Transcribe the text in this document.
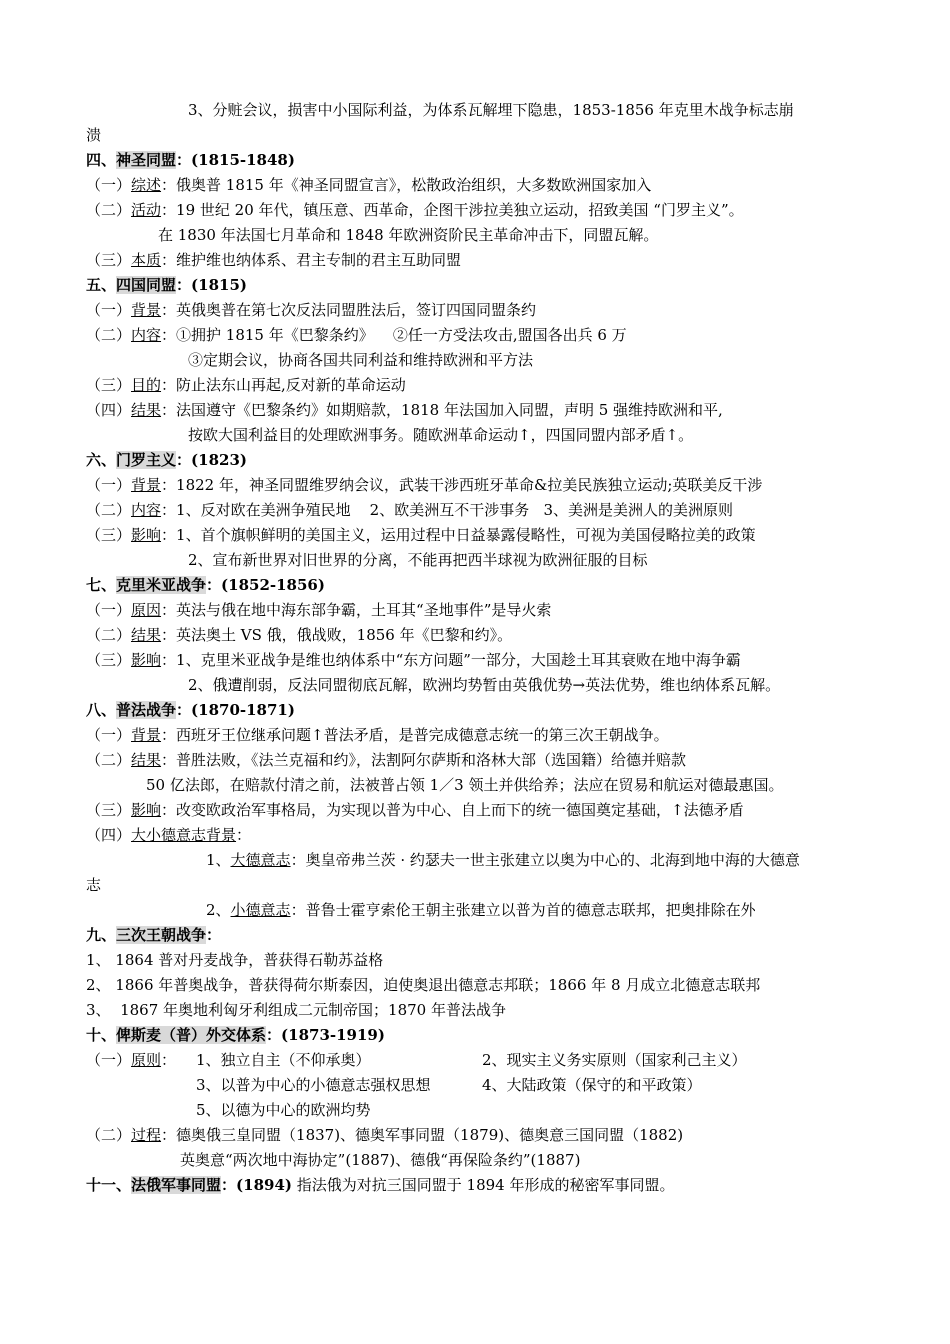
3、分赃会议，损害中小国际利益，为体系瓦解埋下隐患，1853-1856 年克里木战争标志崩
溃
四、神圣同盟：(1815-1848)
（一）综述：俄奥普 1815 年《神圣同盟宣言》，松散政治组织，大多数欧洲国家加入
（二）活动：19 世纪 20 年代，镇压意、西革命，企图干涉拉美独立运动，招致美国 “门罗主义”。
在 1830 年法国七月革命和 1848 年欧洲资阶民主革命冲击下，同盟瓦解。
（三）本质：维护维也纳体系、君主专制的君主互助同盟
五、四国同盟：(1815)
（一）背景：英俄奥普在第七次反法同盟胜法后，签订四国同盟条约
（二）内容：①拥护 1815 年《巴黎条约》    ②任一方受法攻击,盟国各出兵 6 万
③定期会议，协商各国共同利益和维持欧洲和平方法
（三）目的：防止法东山再起,反对新的革命运动
（四）结果：法国遵守《巴黎条约》如期赔款，1818 年法国加入同盟，声明 5 强维持欧洲和平,
按欧大国利益目的处理欧洲事务。随欧洲革命运动↑，四国同盟内部矛盾↑。
六、门罗主义：(1823)
（一）背景：1822 年，神圣同盟维罗纳会议，武装干涉西班牙革命&拉美民族独立运动;英联美反干涉
（二）内容：1、反对欧在美洲争殖民地    2、欧美洲互不干涉事务   3、美洲是美洲人的美洲原则
（三）影响：1、首个旗帜鲜明的美国主义，运用过程中日益暴露侵略性，可视为美国侵略拉美的政策
2、宣布新世界对旧世界的分离，不能再把西半球视为欧洲征服的目标
七、克里米亚战争：(1852-1856)
（一）原因：英法与俄在地中海东部争霸，土耳其“圣地事件”是导火索
（二）结果：英法奥土 VS 俄，俄战败，1856 年《巴黎和约》。
（三）影响：1、克里米亚战争是维也纳体系中“东方问题”一部分，大国趁土耳其衰败在地中海争霸
2、俄遭削弱，反法同盟彻底瓦解，欧洲均势暂由英俄优势→英法优势，维也纳体系瓦解。
八、普法战争：(1870-1871)
（一）背景：西班牙王位继承问题↑普法矛盾，是普完成德意志统一的第三次王朝战争。
（二）结果：普胜法败，《法兰克福和约》，法割阿尔萨斯和洛林大部（选国籍）给德并赔款
50 亿法郎，在赔款付清之前，法被普占领 1／3 领土并供给养；法应在贸易和航运对德最惠国。
（三）影响：改变欧政治军事格局，为实现以普为中心、自上而下的统一德国奠定基础，↑法德矛盾
（四）大小德意志背景：
1、大德意志：奥皇帝弗兰茨 · 约瑟夫一世主张建立以奥为中心的、北海到地中海的大德意
志
2、小德意志：普鲁士霍亨索伦王朝主张建立以普为首的德意志联邦，把奥排除在外
九、三次王朝战争：
1、 1864 普对丹麦战争，普获得石勒苏益格
2、 1866 年普奥战争，普获得荷尔斯泰因，迫使奥退出德意志邦联；1866 年 8 月成立北德意志联邦
3、  1867 年奥地利匈牙利组成二元制帝国；1870 年普法战争
十、俾斯麦（普）外交体系：(1873-1919)
（一）原则： 1、独立自主（不仰承奥）	2、现实主义务实原则（国家利己主义）
3、以普为中心的小德意志强权思想	4、大陆政策（保守的和平政策）
5、以德为中心的欧洲均势
（二）过程：德奥俄三皇同盟（1837)、德奥军事同盟（1879)、德奥意三国同盟（1882)
英奥意“两次地中海协定”(1887)、德俄“再保险条约”(1887)
十一、法俄军事同盟：(1894) 指法俄为对抗三国同盟于 1894 年形成的秘密军事同盟。
